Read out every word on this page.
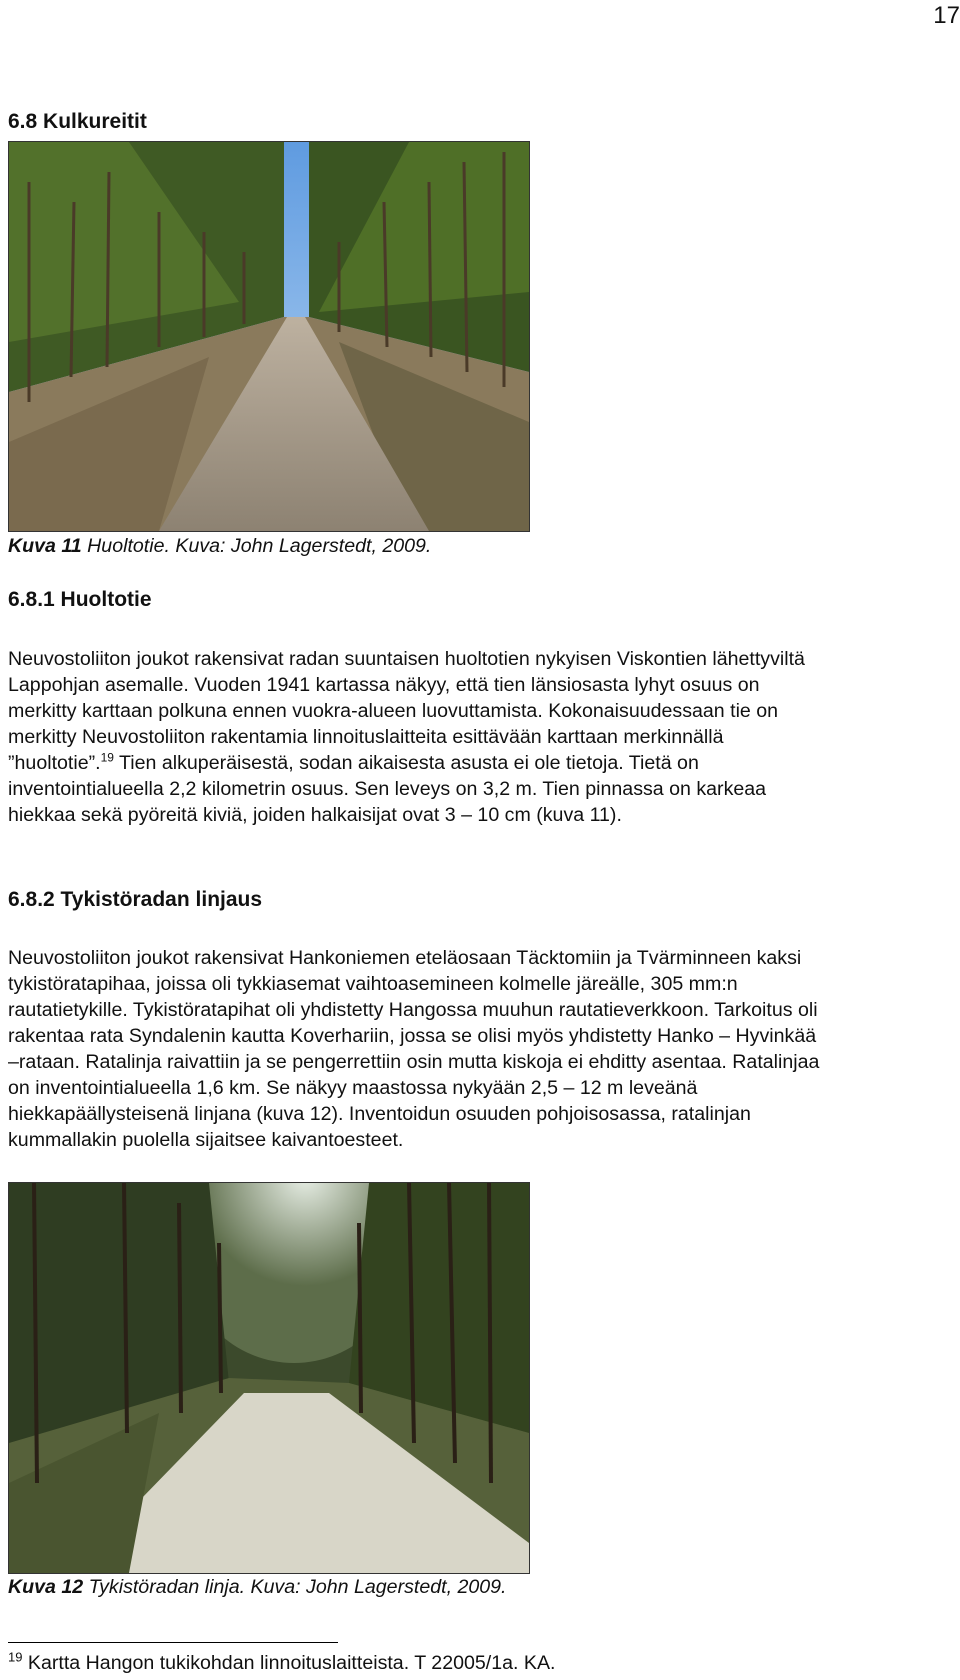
17
6.8 Kulkureitit
Kuva 11 Huoltotie. Kuva: John Lagerstedt, 2009.
6.8.1 Huoltotie

Neuvostoliiton joukot rakensivat radan suuntaisen huoltotien nykyisen Viskontien lähettyviltä

Lappohjan asemalle. Vuoden 1941 kartassa näkyy, että tien länsiosasta lyhyt osuus on

merkitty karttaan polkuna ennen vuokra-alueen luovuttamista. Kokonaisuudessaan tie on

merkitty Neuvostoliiton rakentamia linnoituslaitteita esittävään karttaan merkinnällä

”huoltotie”.$^{19}$ Tien alkuperäisestä, sodan aikaisesta asusta ei ole tietoja. Tietä on

inventointialueella 2,2 kilometrin osuus. Sen leveys on 3,2 m. Tien pinnassa on karkeaa

hiekkaa sekä pyöreitä kiviä, joiden halkaisijat ovat 3 – 10 cm (kuva 11).

6.8.2 Tykistöradan linjaus

Neuvostoliiton joukot rakensivat Hankoniemen eteläosaan Täcktomiin ja Tvärminneen kaksi

tykistöratapihaa, joissa oli tykkiasemat vaihtoasemineen kolmelle järeälle, 305 mm:n

rautatietykille. Tykistöratapihat oli yhdistetty Hangossa muuhun rautatieverkkoon. Tarkoitus oli

rakentaa rata Syndalenin kautta Koverhariin, jossa se olisi myös yhdistetty Hanko – Hyvinkää

–rataan. Ratalinja raivattiin ja se pengerrettiin osin mutta kiskoja ei ehditty asentaa. Ratalinjaa

on inventointialueella 1,6 km. Se näkyy maastossa nykyään 2,5 – 12 m leveänä

hiekkapäällysteisenä linjana (kuva 12). Inventoidun osuuden pohjoisosassa, ratalinjan

kummallakin puolella sijaitsee kaivantoesteet.

Kuva 12 Tykistöradan linja. Kuva: John Lagerstedt, 2009.
$^{19}$ Kartta Hangon tukikohdan linnoituslaitteista. T 22005/1a. KA.
